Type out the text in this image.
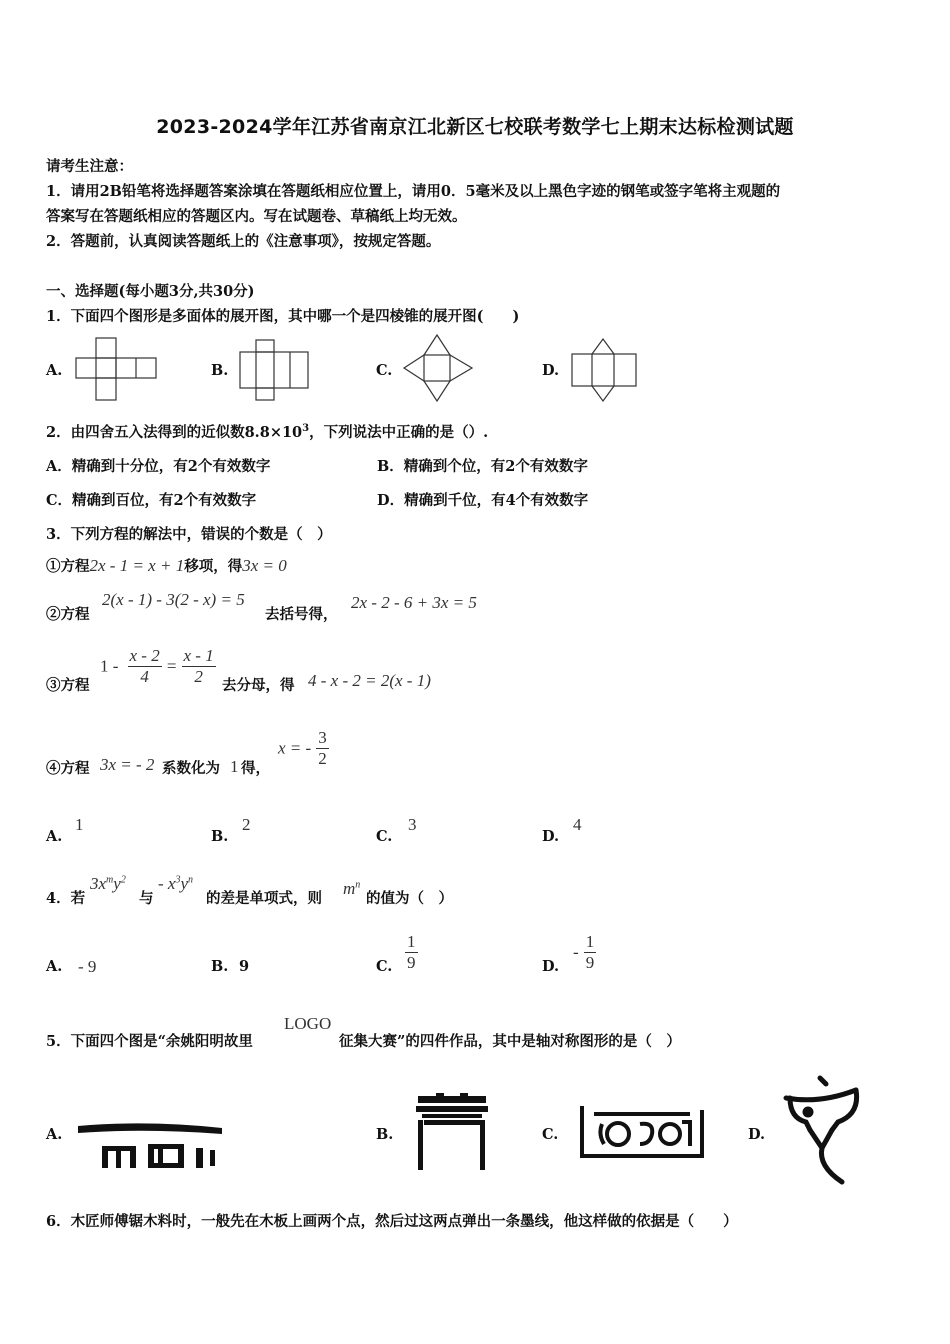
2023-2024学年江苏省南京江北新区七校联考数学七上期末达标检测试题
请考生注意：
1．请用2B铅笔将选择题答案涂填在答题纸相应位置上，请用0．5毫米及以上黑色字迹的钢笔或签字笔将主观题的
答案写在答题纸相应的答题区内。写在试题卷、草稿纸上均无效。
2．答题前，认真阅读答题纸上的《注意事项》，按规定答题。
一、选择题(每小题3分,共30分)
1．下面四个图形是多面体的展开图，其中哪一个是四棱锥的展开图(　　)
A.	B.	C.	D.
2．由四舍五入法得到的近似数$8.8\times 10^3$，下列说法中正确的是（）.
A．精确到十分位，有2个有效数字	B．精确到个位，有2个有效数字
C．精确到百位，有2个有效数字	D．精确到千位，有4个有效数字
3．下列方程的解法中，错误的个数是（　）
①方程2x - 1 = x + 1移项，得3x = 0
②方程
2(x - 1) - 3(2 - x) = 5
去括号得，
2x - 2 - 6 + 3x = 5
③方程
$1 - \frac{x - 2}{4} = \frac{x - 1}{2}$ 去分母，得 4 - x - 2 = 2(x - 1)
④方程 3x = - 2 系数化为 1 得，
x = - $\frac{3}{2}$
A.
1
B.
2
C.
3
D.
4
4．若
$3x^my^2$
与
- $x^3y^n$
的差是单项式，则
$m^n$
的值为（　）
A. - 9	B. 9	C. $\frac{1}{9}$	D.
- $\frac{1}{9}$
5．下面四个图是“余姚阳明故里
LOGO
征集大赛”的四件作品，其中是轴对称图形的是（　）
A.	B.	C.	D.
6．木匠师傅锯木料时，一般先在木板上画两个点，然后过这两点弹出一条墨线，他这样做的依据是（　　）
